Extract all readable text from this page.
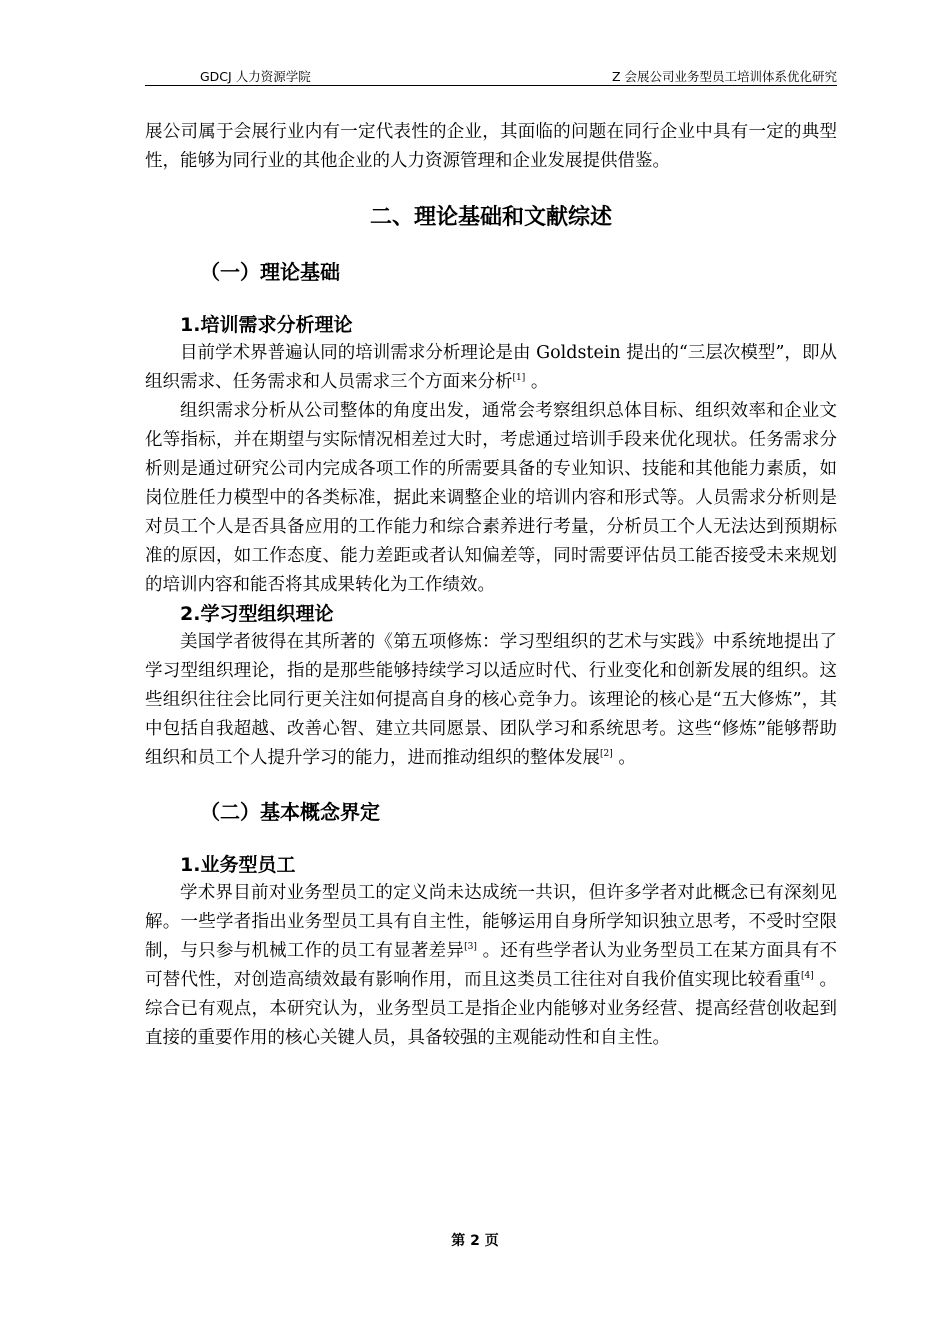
GDCJ 人力资源学院	Z 会展公司业务型员工培训体系优化研究

展公司属于会展行业内有一定代表性的企业，其面临的问题在同行企业中具有一定的典型性，能够为同行业的其他企业的人力资源管理和企业发展提供借鉴。

二、理论基础和文献综述
（一）理论基础
1.培训需求分析理论

目前学术界普遍认同的培训需求分析理论是由 Goldstein 提出的“三层次模型”，即从组织需求、任务需求和人员需求三个方面来分析[1] 。

组织需求分析从公司整体的角度出发，通常会考察组织总体目标、组织效率和企业文化等指标，并在期望与实际情况相差过大时，考虑通过培训手段来优化现状。任务需求分析则是通过研究公司内完成各项工作的所需要具备的专业知识、技能和其他能力素质，如岗位胜任力模型中的各类标准，据此来调整企业的培训内容和形式等。人员需求分析则是对员工个人是否具备应用的工作能力和综合素养进行考量，分析员工个人无法达到预期标准的原因，如工作态度、能力差距或者认知偏差等，同时需要评估员工能否接受未来规划的培训内容和能否将其成果转化为工作绩效。

2.学习型组织理论

美国学者彼得在其所著的《第五项修炼：学习型组织的艺术与实践》中系统地提出了学习型组织理论，指的是那些能够持续学习以适应时代、行业变化和创新发展的组织。这些组织往往会比同行更关注如何提高自身的核心竞争力。该理论的核心是“五大修炼”，其中包括自我超越、改善心智、建立共同愿景、团队学习和系统思考。这些“修炼”能够帮助组织和员工个人提升学习的能力，进而推动组织的整体发展[2] 。

（二）基本概念界定
1.业务型员工

学术界目前对业务型员工的定义尚未达成统一共识，但许多学者对此概念已有深刻见解。一些学者指出业务型员工具有自主性，能够运用自身所学知识独立思考，不受时空限制，与只参与机械工作的员工有显著差异[3] 。还有些学者认为业务型员工在某方面具有不可替代性，对创造高绩效最有影响作用，而且这类员工往往对自我价值实现比较看重[4] 。综合已有观点，本研究认为，业务型员工是指企业内能够对业务经营、提高经营创收起到直接的重要作用的核心关键人员，具备较强的主观能动性和自主性。

第 2 页
